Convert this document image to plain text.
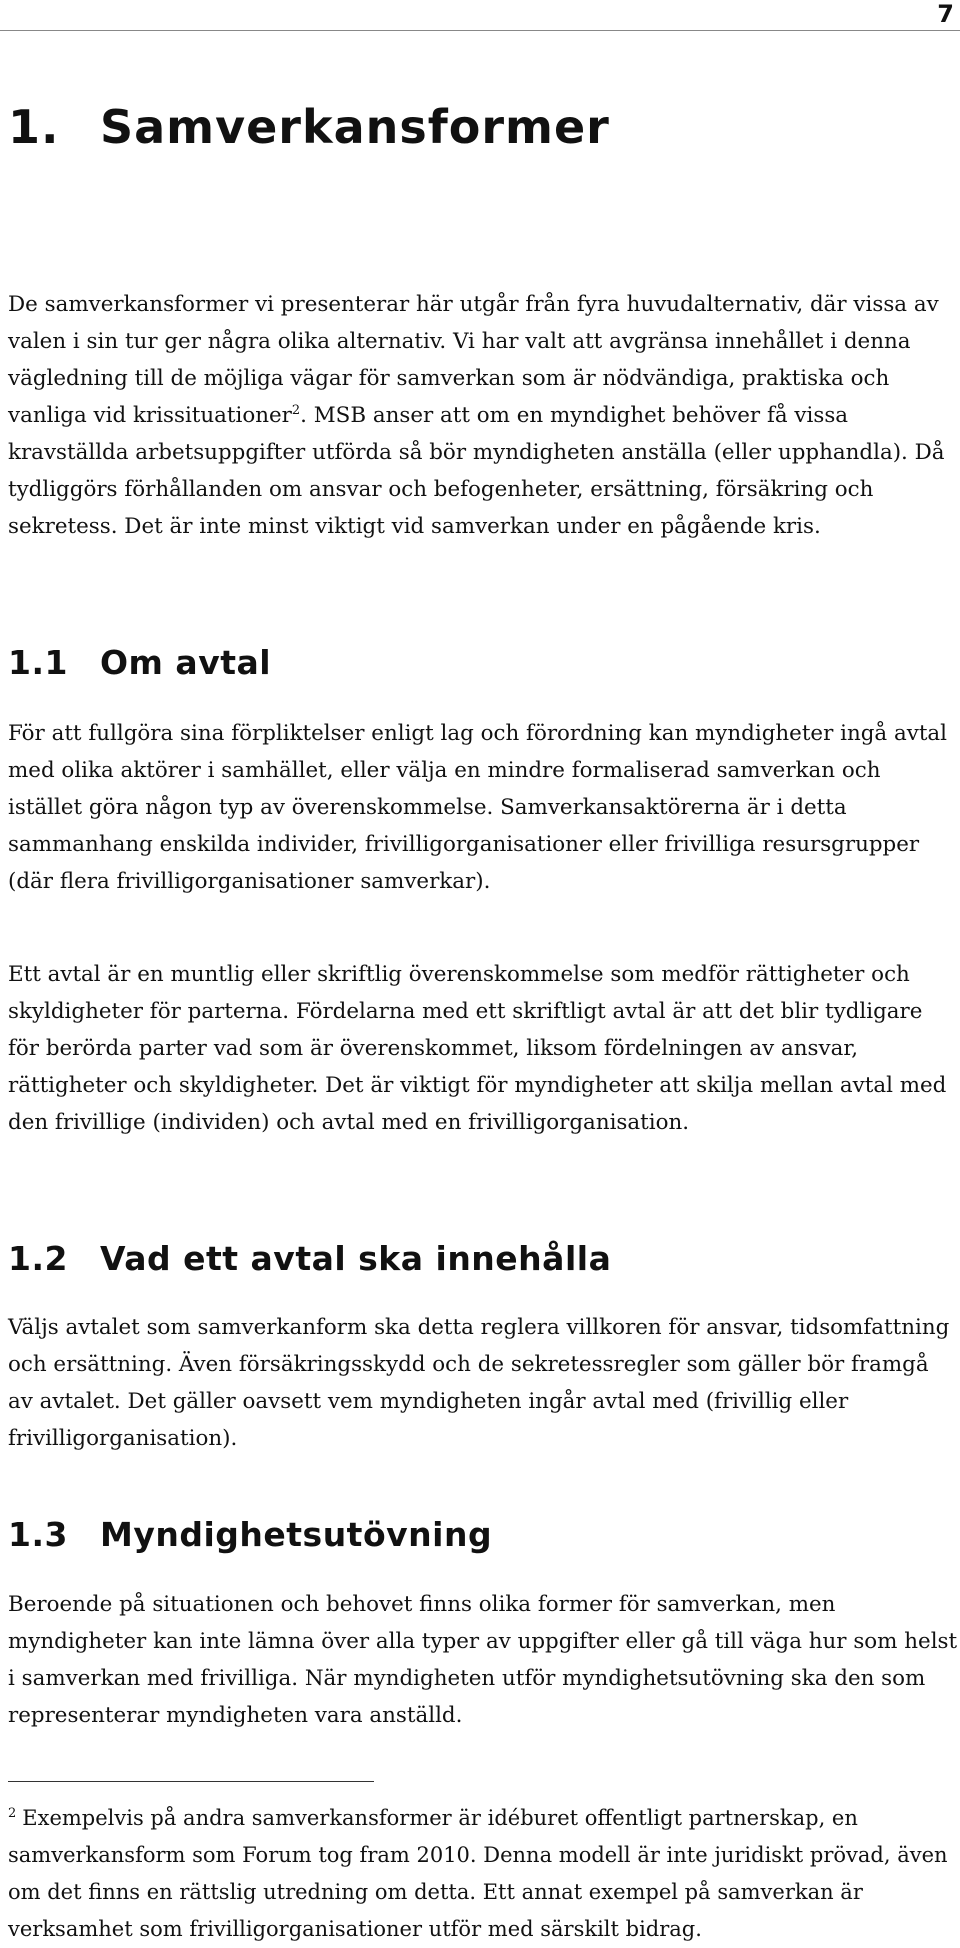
7
1. Samverkansformer

De samverkansformer vi presenterar här utgår från fyra huvudalternativ, där vissa av valen i sin tur ger några olika alternativ. Vi har valt att avgränsa innehållet i denna vägledning till de möjliga vägar för samverkan som är nödvändiga, praktiska och vanliga vid krissituationer$^2$. MSB anser att om en myndighet behöver få vissa kravställda arbetsuppgifter utförda så bör myndigheten anställa (eller upphandla). Då tydliggörs förhållanden om ansvar och befogenheter, ersättning, försäkring och sekretess. Det är inte minst viktigt vid samverkan under en pågående kris.

1.1 Om avtal

För att fullgöra sina förpliktelser enligt lag och förordning kan myndigheter ingå avtal med olika aktörer i samhället, eller välja en mindre formaliserad samverkan och istället göra någon typ av överenskommelse. Samverkansaktörerna är i detta sammanhang enskilda individer, frivilligorganisationer eller frivilliga resursgrupper (där flera frivilligorganisationer samverkar).

Ett avtal är en muntlig eller skriftlig överenskommelse som medför rättigheter och skyldigheter för parterna. Fördelarna med ett skriftligt avtal är att det blir tydligare för berörda parter vad som är överenskommet, liksom fördelningen av ansvar, rättigheter och skyldigheter. Det är viktigt för myndigheter att skilja mellan avtal med den frivillige (individen) och avtal med en frivilligorganisation.

1.2 Vad ett avtal ska innehålla

Väljs avtalet som samverkanform ska detta reglera villkoren för ansvar, tidsomfattning och ersättning. Även försäkringsskydd och de sekretessregler som gäller bör framgå av avtalet. Det gäller oavsett vem myndigheten ingår avtal med (frivillig eller frivilligorganisation).

1.3 Myndighetsutövning

Beroende på situationen och behovet finns olika former för samverkan, men myndigheter kan inte lämna över alla typer av uppgifter eller gå till väga hur som helst i samverkan med frivilliga. När myndigheten utför myndighetsutövning ska den som representerar myndigheten vara anställd.

$^2$ Exempelvis på andra samverkansformer är idéburet offentligt partnerskap, en samverkansform som Forum tog fram 2010. Denna modell är inte juridiskt prövad, även om det finns en rättslig utredning om detta. Ett annat exempel på samverkan är verksamhet som frivilligorganisationer utför med särskilt bidrag.
